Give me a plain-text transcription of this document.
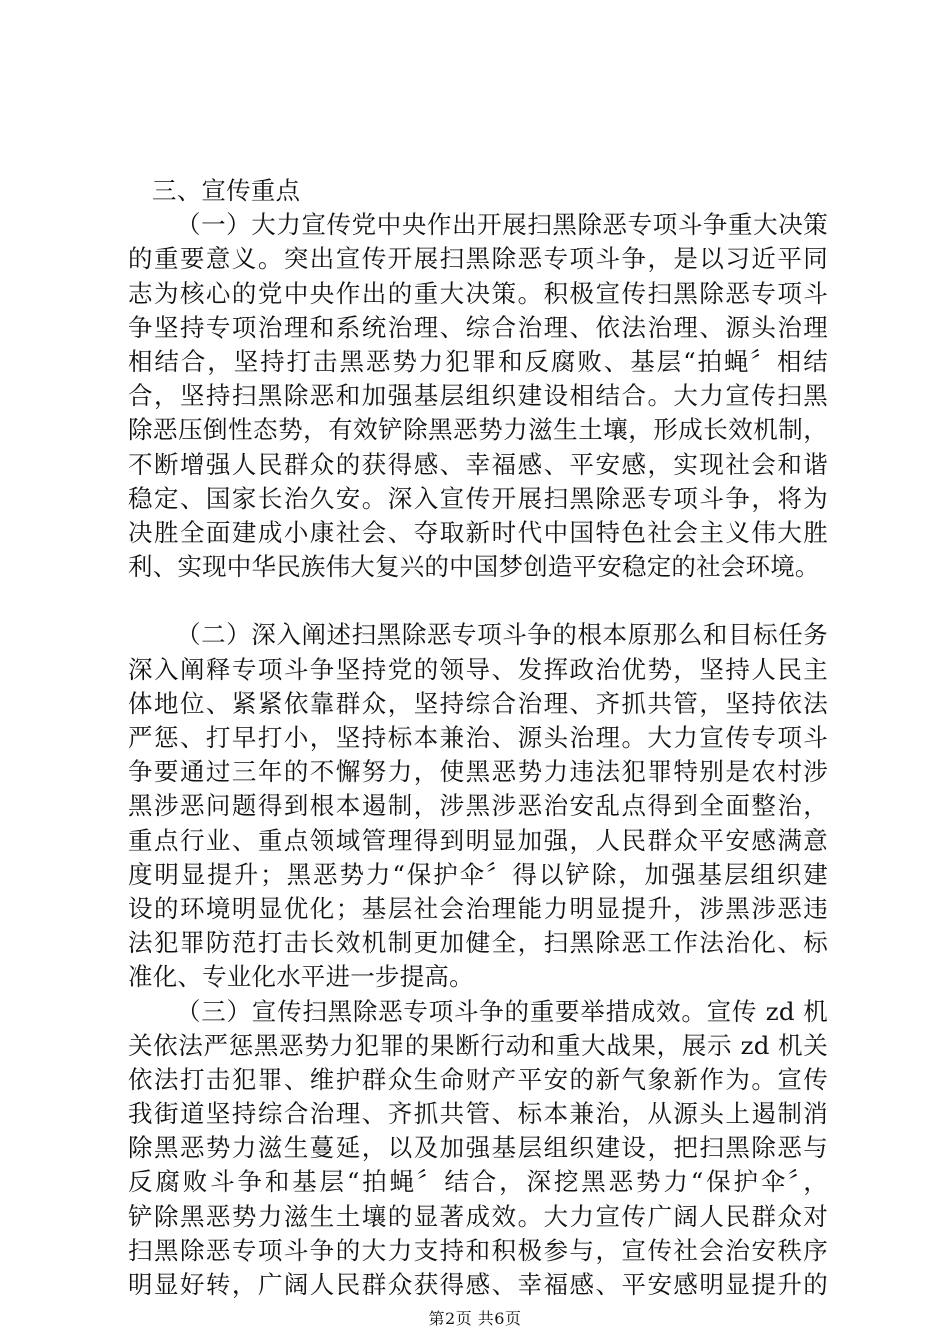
三、宣传重点
（一）大力宣传党中央作出开展扫黑除恶专项斗争重大决策
的重要意义。突出宣传开展扫黑除恶专项斗争，是以习近平同
志为核心的党中央作出的重大决策。积极宣传扫黑除恶专项斗
争坚持专项治理和系统治理、综合治理、依法治理、源头治理
相结合，坚持打击黑恶势力犯罪和反腐败、基层“拍蝇〞相结
合，坚持扫黑除恶和加强基层组织建设相结合。大力宣传扫黑
除恶压倒性态势，有效铲除黑恶势力滋生土壤，形成长效机制，
不断增强人民群众的获得感、幸福感、平安感，实现社会和谐
稳定、国家长治久安。深入宣传开展扫黑除恶专项斗争，将为
决胜全面建成小康社会、夺取新时代中国特色社会主义伟大胜
利、实现中华民族伟大复兴的中国梦创造平安稳定的社会环境。
（二）深入阐述扫黑除恶专项斗争的根本原那么和目标任务
深入阐释专项斗争坚持党的领导、发挥政治优势，坚持人民主
体地位、紧紧依靠群众，坚持综合治理、齐抓共管，坚持依法
严惩、打早打小，坚持标本兼治、源头治理。大力宣传专项斗
争要通过三年的不懈努力，使黑恶势力违法犯罪特别是农村涉
黑涉恶问题得到根本遏制，涉黑涉恶治安乱点得到全面整治，
重点行业、重点领域管理得到明显加强，人民群众平安感满意
度明显提升；黑恶势力“保护伞〞得以铲除，加强基层组织建
设的环境明显优化；基层社会治理能力明显提升，涉黑涉恶违
法犯罪防范打击长效机制更加健全，扫黑除恶工作法治化、标
准化、专业化水平进一步提高。
（三）宣传扫黑除恶专项斗争的重要举措成效。宣传 zd 机
关依法严惩黑恶势力犯罪的果断行动和重大战果，展示 zd 机关
依法打击犯罪、维护群众生命财产平安的新气象新作为。宣传
我街道坚持综合治理、齐抓共管、标本兼治，从源头上遏制消
除黑恶势力滋生蔓延，以及加强基层组织建设，把扫黑除恶与
反腐败斗争和基层“拍蝇〞结合，深挖黑恶势力“保护伞〞，
铲除黑恶势力滋生土壤的显著成效。大力宣传广阔人民群众对
扫黑除恶专项斗争的大力支持和积极参与，宣传社会治安秩序
明显好转，广阔人民群众获得感、幸福感、平安感明显提升的
第2页 共6页
